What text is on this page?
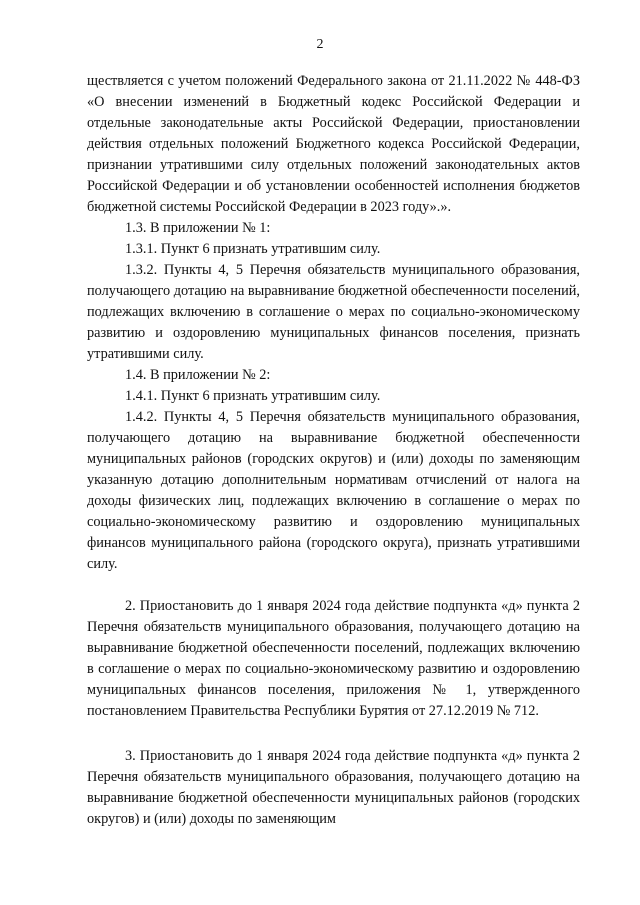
2

ществляется с учетом положений Федерального закона от 21.11.2022 № 448-ФЗ «О внесении изменений в Бюджетный кодекс Российской Федерации и отдельные законодательные акты Российской Федерации, приостановлении действия отдельных положений Бюджетного кодекса Российской Федерации, признании утратившими силу отдельных положений законодательных актов Российской Федерации и об установлении особенностей исполнения бюджетов бюджетной системы Российской Федерации в 2023 году».».

1.3. В приложении № 1:

1.3.1. Пункт 6 признать утратившим силу.

1.3.2. Пункты 4, 5 Перечня обязательств муниципального образования, получающего дотацию на выравнивание бюджетной обеспеченности поселений, подлежащих включению в соглашение о мерах по социально-экономическому развитию и оздоровлению муниципальных финансов поселения, признать утратившими силу.

1.4. В приложении № 2:

1.4.1. Пункт 6 признать утратившим силу.

1.4.2. Пункты 4, 5 Перечня обязательств муниципального образования, получающего дотацию на выравнивание бюджетной обеспеченности муниципальных районов (городских округов) и (или) доходы по заменяющим указанную дотацию дополнительным нормативам отчислений от налога на доходы физических лиц, подлежащих включению в соглашение о мерах по социально-экономическому развитию и оздоровлению муниципальных финансов муниципального района (городского округа), признать утратившими силу.

2. Приостановить до 1 января 2024 года действие подпункта «д» пункта 2 Перечня обязательств муниципального образования, получающего дотацию на выравнивание бюджетной обеспеченности поселений, подлежащих включению в соглашение о мерах по социально-экономическому развитию и оздоровлению муниципальных финансов поселения, приложения № 1, утвержденного постановлением Правительства Республики Бурятия от 27.12.2019 № 712.

3. Приостановить до 1 января 2024 года действие подпункта «д» пункта 2 Перечня обязательств муниципального образования, получающего дотацию на выравнивание бюджетной обеспеченности муниципальных районов (городских округов) и (или) доходы по заменяющим
